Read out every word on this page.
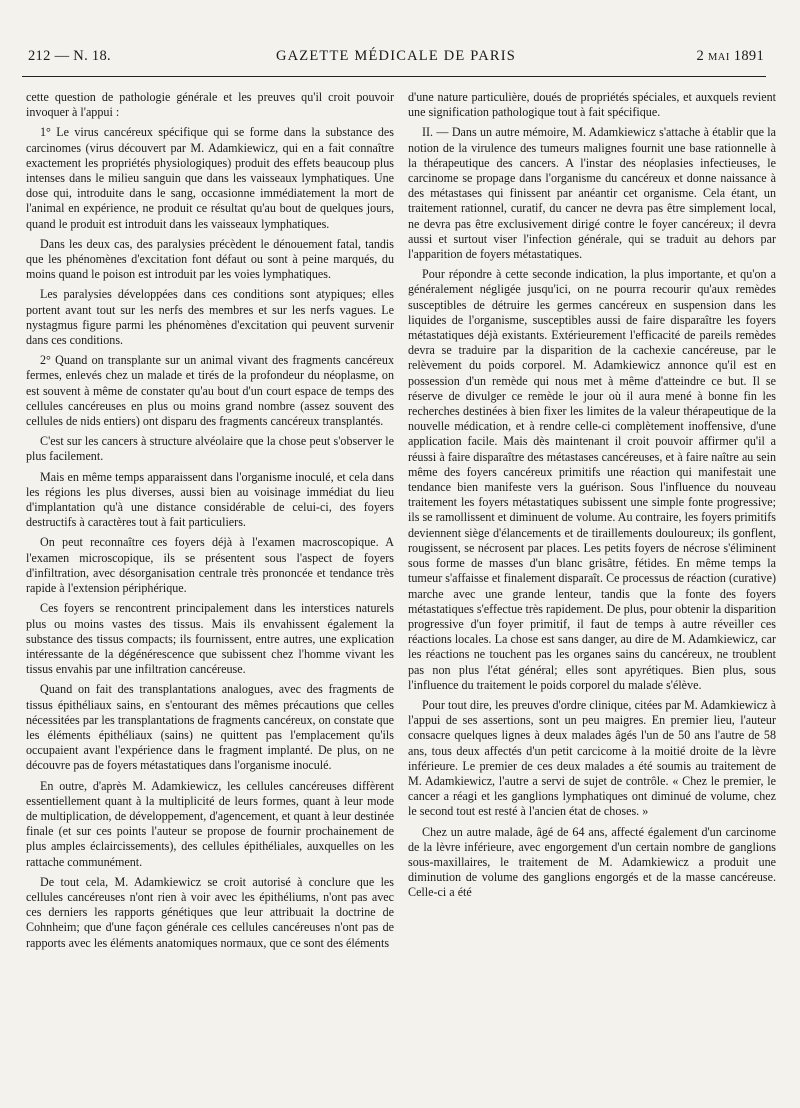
212 — N. 18.	GAZETTE MÉDICALE DE PARIS	2 MAI 1891

cette question de pathologie générale et les preuves qu'il croit pouvoir invoquer à l'appui :

1° Le virus cancéreux spécifique qui se forme dans la substance des carcinomes (virus découvert par M. Adamkiewicz, qui en a fait connaître exactement les propriétés physiologiques) produit des effets beaucoup plus intenses dans le milieu sanguin que dans les vaisseaux lymphatiques. Une dose qui, introduite dans le sang, occasionne immédiatement la mort de l'animal en expérience, ne produit ce résultat qu'au bout de quelques jours, quand le produit est introduit dans les vaisseaux lymphatiques.

Dans les deux cas, des paralysies précèdent le dénouement fatal, tandis que les phénomènes d'excitation font défaut ou sont à peine marqués, du moins quand le poison est introduit par les voies lymphatiques.

Les paralysies développées dans ces conditions sont atypiques; elles portent avant tout sur les nerfs des membres et sur les nerfs vagues. Le nystagmus figure parmi les phénomènes d'excitation qui peuvent survenir dans ces conditions.

2° Quand on transplante sur un animal vivant des fragments cancéreux fermes, enlevés chez un malade et tirés de la profondeur du néoplasme, on est souvent à même de constater qu'au bout d'un court espace de temps des cellules cancéreuses en plus ou moins grand nombre (assez souvent des cellules de nids entiers) ont disparu des fragments cancéreux transplantés.

C'est sur les cancers à structure alvéolaire que la chose peut s'observer le plus facilement.

Mais en même temps apparaissent dans l'organisme inoculé, et cela dans les régions les plus diverses, aussi bien au voisinage immédiat du lieu d'implantation qu'à une distance considérable de celui-ci, des foyers destructifs à caractères tout à fait particuliers.

On peut reconnaître ces foyers déjà à l'examen macroscopique. A l'examen microscopique, ils se présentent sous l'aspect de foyers d'infiltration, avec désorganisation centrale très prononcée et tendance très rapide à l'extension périphérique.

Ces foyers se rencontrent principalement dans les interstices naturels plus ou moins vastes des tissus. Mais ils envahissent également la substance des tissus compacts; ils fournissent, entre autres, une explication intéressante de la dégénérescence que subissent chez l'homme vivant les tissus envahis par une infiltration cancéreuse.

Quand on fait des transplantations analogues, avec des fragments de tissus épithéliaux sains, en s'entourant des mêmes précautions que celles nécessitées par les transplantations de fragments cancéreux, on constate que les éléments épithéliaux (sains) ne quittent pas l'emplacement qu'ils occupaient avant l'expérience dans le fragment implanté. De plus, on ne découvre pas de foyers métastatiques dans l'organisme inoculé.

En outre, d'après M. Adamkiewicz, les cellules cancéreuses diffèrent essentiellement quant à la multiplicité de leurs formes, quant à leur mode de multiplication, de développement, d'agencement, et quant à leur destinée finale (et sur ces points l'auteur se propose de fournir prochainement de plus amples éclaircissements), des cellules épithéliales, auxquelles on les rattache communément.

De tout cela, M. Adamkiewicz se croit autorisé à conclure que les cellules cancéreuses n'ont rien à voir avec les épithéliums, n'ont pas avec ces derniers les rapports génétiques que leur attribuait la doctrine de Cohnheim; que d'une façon générale ces cellules cancéreuses n'ont pas de rapports avec les éléments anatomiques normaux, que ce sont des éléments

d'une nature particulière, doués de propriétés spéciales, et auxquels revient une signification pathologique tout à fait spécifique.

II. — Dans un autre mémoire, M. Adamkiewicz s'attache à établir que la notion de la virulence des tumeurs malignes fournit une base rationnelle à la thérapeutique des cancers. A l'instar des néoplasies infectieuses, le carcinome se propage dans l'organisme du cancéreux et donne naissance à des métastases qui finissent par anéantir cet organisme. Cela étant, un traitement rationnel, curatif, du cancer ne devra pas être simplement local, ne devra pas être exclusivement dirigé contre le foyer cancéreux; il devra aussi et surtout viser l'infection générale, qui se traduit au dehors par l'apparition de foyers métastatiques.

Pour répondre à cette seconde indication, la plus importante, et qu'on a généralement négligée jusqu'ici, on ne pourra recourir qu'aux remèdes susceptibles de détruire les germes cancéreux en suspension dans les liquides de l'organisme, susceptibles aussi de faire disparaître les foyers métastatiques déjà existants. Extérieurement l'efficacité de pareils remèdes devra se traduire par la disparition de la cachexie cancéreuse, par le relèvement du poids corporel. M. Adamkiewicz annonce qu'il est en possession d'un remède qui nous met à même d'atteindre ce but. Il se réserve de divulger ce remède le jour où il aura mené à bonne fin les recherches destinées à bien fixer les limites de la valeur thérapeutique de la nouvelle médication, et à rendre celle-ci complètement inoffensive, d'une application facile. Mais dès maintenant il croit pouvoir affirmer qu'il a réussi à faire disparaître des métastases cancéreuses, et à faire naître au sein même des foyers cancéreux primitifs une réaction qui manifestait une tendance bien manifeste vers la guérison. Sous l'influence du nouveau traitement les foyers métastatiques subissent une simple fonte progressive; ils se ramollissent et diminuent de volume. Au contraire, les foyers primitifs deviennent siège d'élancements et de tiraillements douloureux; ils gonflent, rougissent, se nécrosent par places. Les petits foyers de nécrose s'éliminent sous forme de masses d'un blanc grisâtre, fétides. En même temps la tumeur s'affaisse et finalement disparaît. Ce processus de réaction (curative) marche avec une grande lenteur, tandis que la fonte des foyers métastatiques s'effectue très rapidement. De plus, pour obtenir la disparition progressive d'un foyer primitif, il faut de temps à autre réveiller ces réactions locales. La chose est sans danger, au dire de M. Adamkiewicz, car les réactions ne touchent pas les organes sains du cancéreux, ne troublent pas non plus l'état général; elles sont apyrétiques. Bien plus, sous l'influence du traitement le poids corporel du malade s'élève.

Pour tout dire, les preuves d'ordre clinique, citées par M. Adamkiewicz à l'appui de ses assertions, sont un peu maigres. En premier lieu, l'auteur consacre quelques lignes à deux malades âgés l'un de 50 ans l'autre de 58 ans, tous deux affectés d'un petit carcicome à la moitié droite de la lèvre inférieure. Le premier de ces deux malades a été soumis au traitement de M. Adamkiewicz, l'autre a servi de sujet de contrôle. « Chez le premier, le cancer a réagi et les ganglions lymphatiques ont diminué de volume, chez le second tout est resté à l'ancien état de choses. »

Chez un autre malade, âgé de 64 ans, affecté également d'un carcinome de la lèvre inférieure, avec engorgement d'un certain nombre de ganglions sous-maxillaires, le traitement de M. Adamkiewicz a produit une diminution de volume des ganglions engorgés et de la masse cancéreuse. Celle-ci a été
